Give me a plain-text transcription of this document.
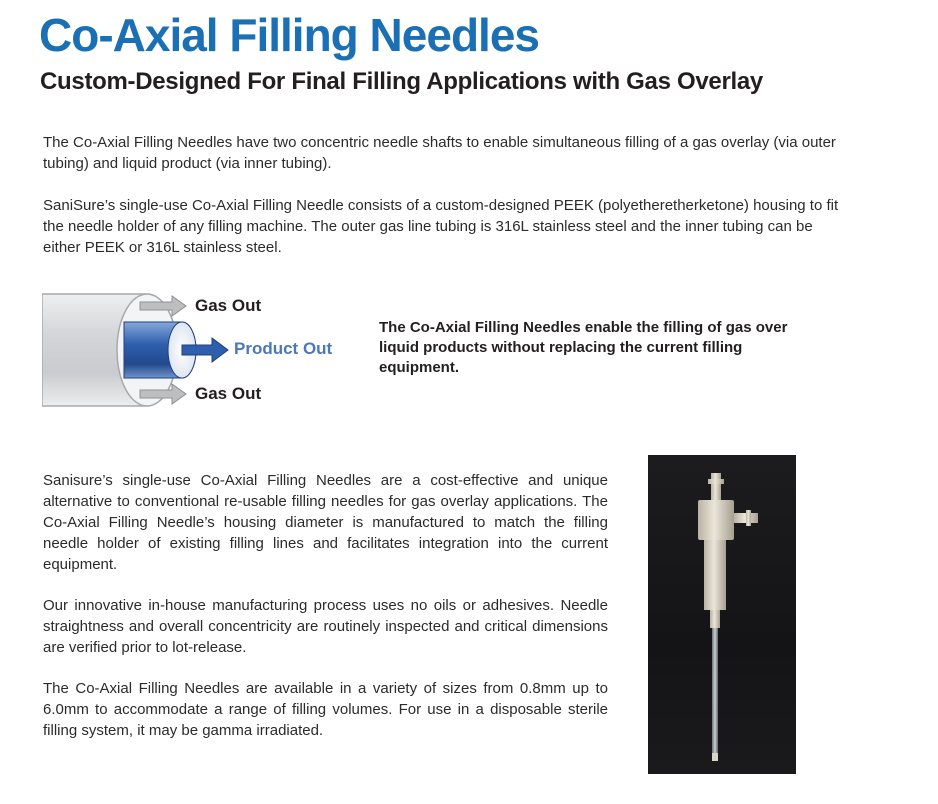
Co-Axial Filling Needles
Custom-Designed For Final Filling Applications with Gas Overlay

The Co-Axial Filling Needles have two concentric needle shafts to enable simultaneous filling of a gas overlay (via outer tubing) and liquid product (via inner tubing).

SaniSure’s single-use Co-Axial Filling Needle consists of a custom-designed PEEK (polyetheretherketone) housing to fit the needle holder of any filling machine. The outer gas line tubing is 316L stainless steel and the inner tubing can be either PEEK or 316L stainless steel.

Gas Out
Product Out
Gas Out

The Co-Axial Filling Needles enable the filling of gas over liquid products without replacing the current filling equipment.

Sanisure’s single-use Co-Axial Filling Needles are a cost-effective and unique alternative to conventional re-usable filling needles for gas overlay applications. The Co-Axial Filling Needle’s housing diameter is manufactured to match the filling needle holder of existing filling lines and facilitates integration into the current equipment.

Our innovative in-house manufacturing process uses no oils or adhesives. Needle straightness and overall concentricity are routinely inspected and critical dimensions are verified prior to lot-release.

The Co-Axial Filling Needles are available in a variety of sizes from 0.8mm up to 6.0mm to accommodate a range of filling volumes. For use in a disposable sterile filling system, it may be gamma irradiated.
